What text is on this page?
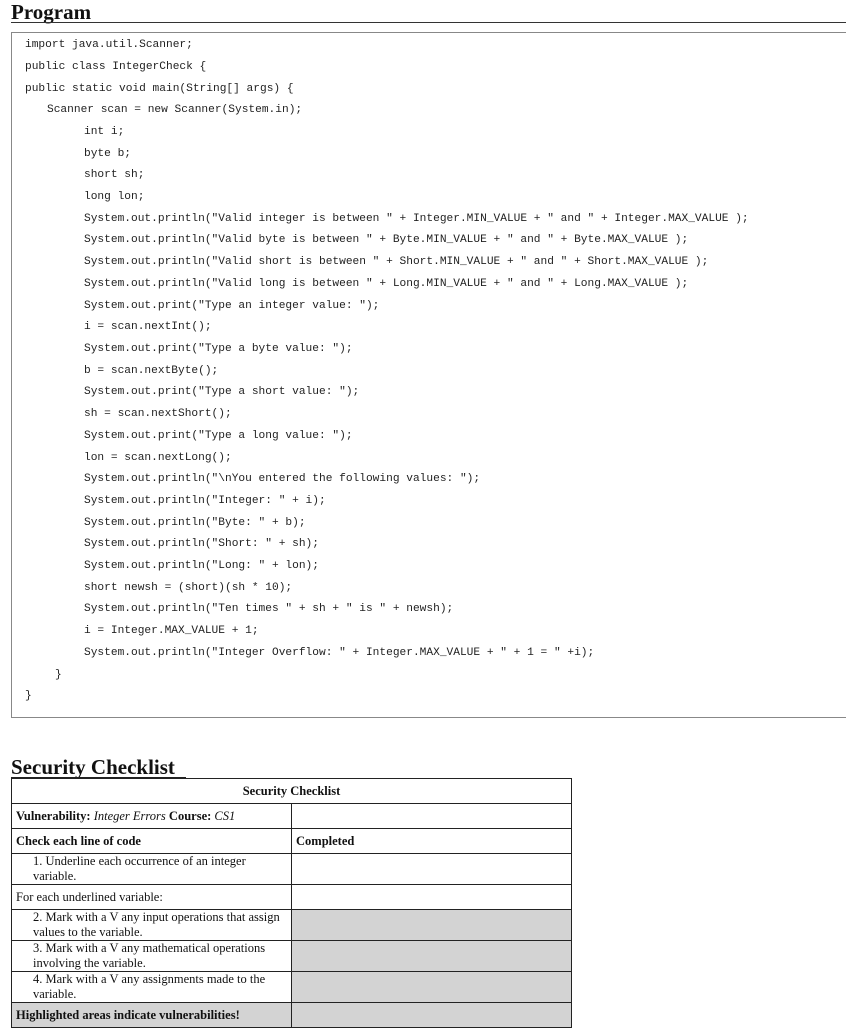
Program
import java.util.Scanner;
public class IntegerCheck {
public static void main(String[] args) {
Scanner scan = new Scanner(System.in);
int i;
byte b;
short sh;
long lon;
System.out.println("Valid integer is between " + Integer.MIN_VALUE + " and " + Integer.MAX_VALUE );
System.out.println("Valid byte is between " + Byte.MIN_VALUE + " and " + Byte.MAX_VALUE );
System.out.println("Valid short is between " + Short.MIN_VALUE + " and " + Short.MAX_VALUE );
System.out.println("Valid long is between " + Long.MIN_VALUE + " and " + Long.MAX_VALUE );
System.out.print("Type an integer value: ");
i = scan.nextInt();
System.out.print("Type a byte value: ");
b = scan.nextByte();
System.out.print("Type a short value: ");
sh = scan.nextShort();
System.out.print("Type a long value: ");
lon = scan.nextLong();
System.out.println("\nYou entered the following values: ");
System.out.println("Integer: " + i);
System.out.println("Byte: " + b);
System.out.println("Short: " + sh);
System.out.println("Long: " + lon);
short newsh = (short)(sh * 10);
System.out.println("Ten times " + sh + " is " + newsh);
i = Integer.MAX_VALUE + 1;
System.out.println("Integer Overflow: " + Integer.MAX_VALUE + " + 1 = " +i);
}
}
Security Checklist
Security Checklist	
Vulnerability: Integer Errors Course: CS1	
Check each line of code	Completed
1. Underline each occurrence of an integer variable.	
For each underlined variable:	
2. Mark with a V any input operations that assign values to the variable.	
3. Mark with a V any mathematical operations involving the variable.	
4. Mark with a V any assignments made to the variable.	
Highlighted areas indicate vulnerabilities!	
